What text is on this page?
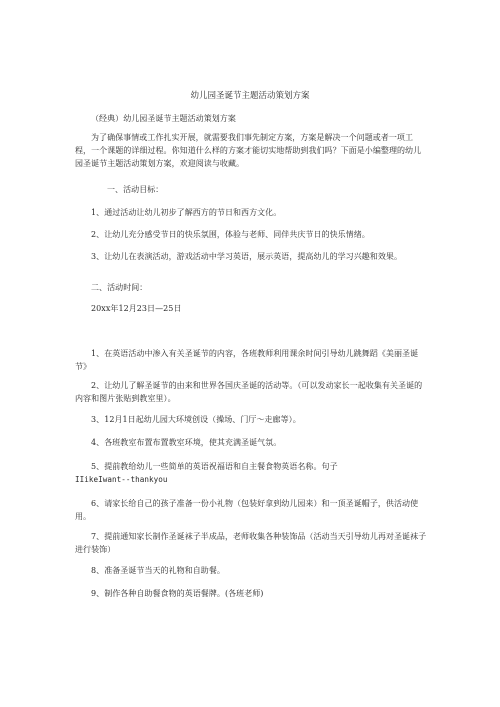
幼儿园圣诞节主题活动策划方案

（经典）幼儿园圣诞节主题活动策划方案

为了确保事情或工作扎实开展，就需要我们事先制定方案，方案是解决一个问题或者一项工程，一个课题的详细过程。你知道什么样的方案才能切实地帮助到我们吗？下面是小编整理的幼儿园圣诞节主题活动策划方案，欢迎阅读与收藏。

一、活动目标：

1、通过活动让幼儿初步了解西方的节日和西方文化。

2、让幼儿充分感受节日的快乐氛围，体验与老师、同伴共庆节日的快乐情绪。

3、让幼儿在表演活动，游戏活动中学习英语，展示英语，提高幼儿的学习兴趣和效果。

二、活动时间：

20xx年12月23日—25日

1、在英语活动中渗入有关圣诞节的内容，各班教师利用课余时间引导幼儿跳舞蹈《美丽圣诞节》

2、让幼儿了解圣诞节的由来和世界各国庆圣诞的活动等。（可以发动家长一起收集有关圣诞的内容和图片张贴到教室里）。

3、12月1日起幼儿园大环境创设（操场、门厅～走廊等）。

4、各班教室布置布置教室环境，使其充满圣诞气氛。

5、提前教给幼儿一些简单的英语祝福语和自主餐食物英语名称。句子

IIikeIwant--thankyou

6、请家长给自己的孩子准备一份小礼物（包装好拿到幼儿园来）和一顶圣诞帽子，供活动使用。

7、提前通知家长制作圣诞袜子半成品，老师收集各种装饰品（活动当天引导幼儿再对圣诞袜子进行装饰）

8、准备圣诞节当天的礼物和自助餐。

9、制作各种自助餐食物的英语餐牌。(各班老师)
